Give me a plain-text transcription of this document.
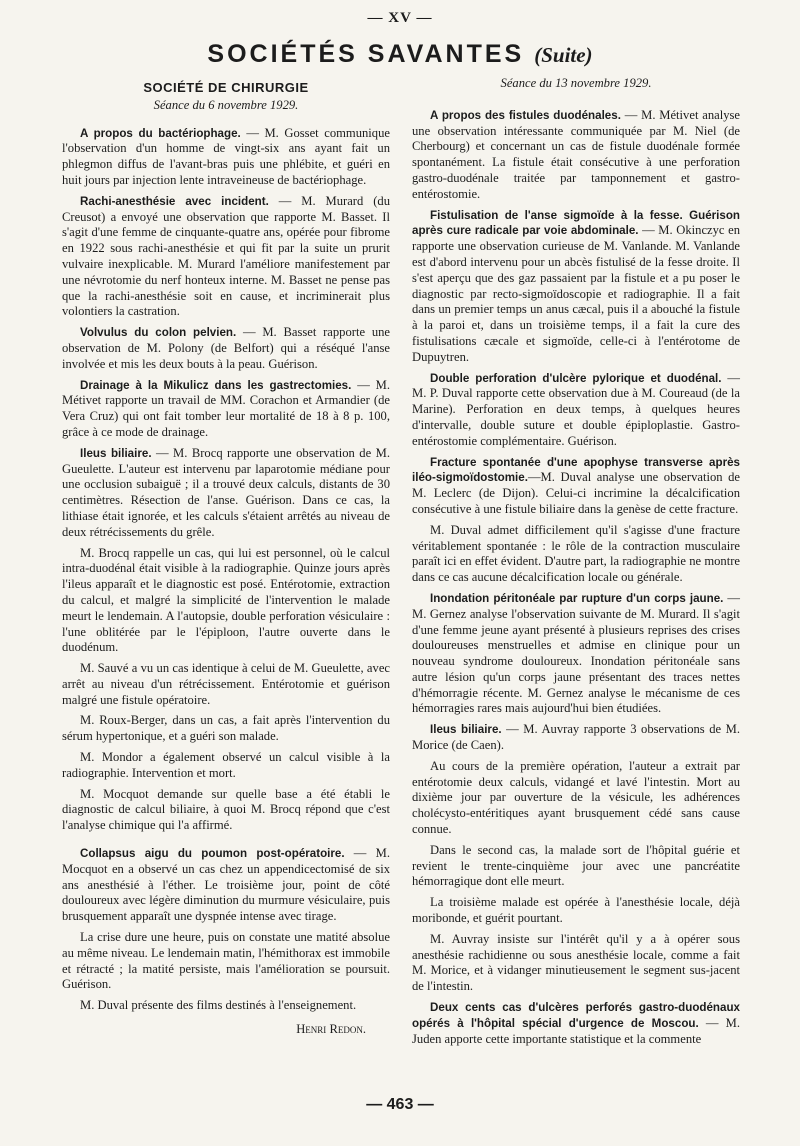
— XV —
SOCIÉTÉS SAVANTES (Suite)
SOCIÉTÉ DE CHIRURGIE
Séance du 6 novembre 1929.

A propos du bactériophage. — M. Gosset communique l'observation d'un homme de vingt-six ans ayant fait un phlegmon diffus de l'avant-bras puis une phlébite, et guéri en huit jours par injection lente intraveineuse de bactériophage.

Rachi-anesthésie avec incident. — M. Murard (du Creusot) a envoyé une observation que rapporte M. Basset. Il s'agit d'une femme de cinquante-quatre ans, opérée pour fibrome en 1922 sous rachi-anesthésie et qui fit par la suite un prurit vulvaire inexplicable. M. Murard l'améliore manifestement par une névrotomie du nerf honteux interne. M. Basset ne pense pas que la rachi-anesthésie soit en cause, et incriminerait plus volontiers la castration.

Volvulus du colon pelvien. — M. Basset rapporte une observation de M. Polony (de Belfort) qui a réséqué l'anse involvée et mis les deux bouts à la peau. Guérison.

Drainage à la Mikulicz dans les gastrectomies. — M. Métivet rapporte un travail de MM. Corachon et Armandier (de Vera Cruz) qui ont fait tomber leur mortalité de 18 à 8 p. 100, grâce à ce mode de drainage.

Ileus biliaire. — M. Brocq rapporte une observation de M. Gueulette. L'auteur est intervenu par laparotomie médiane pour une occlusion subaiguë ; il a trouvé deux calculs, distants de 30 centimètres. Résection de l'anse. Guérison. Dans ce cas, la lithiase était ignorée, et les calculs s'étaient arrêtés au niveau de deux rétrécissements du grêle.

M. Brocq rappelle un cas, qui lui est personnel, où le calcul intra-duodénal était visible à la radiographie. Quinze jours après l'ileus apparaît et le diagnostic est posé. Entérotomie, extraction du calcul, et malgré la simplicité de l'intervention le malade meurt le lendemain. A l'autopsie, double perforation vésiculaire : l'une oblitérée par le l'épiploon, l'autre ouverte dans le duodénum.

M. Sauvé a vu un cas identique à celui de M. Gueulette, avec arrêt au niveau d'un rétrécissement. Entérotomie et guérison malgré une fistule opératoire.

M. Roux-Berger, dans un cas, a fait après l'intervention du sérum hypertonique, et a guéri son malade.

M. Mondor a également observé un calcul visible à la radiographie. Intervention et mort.

M. Mocquot demande sur quelle base a été établi le diagnostic de calcul biliaire, à quoi M. Brocq répond que c'est l'analyse chimique qui l'a affirmé.

Collapsus aigu du poumon post-opératoire. — M. Mocquot en a observé un cas chez un appendicectomisé de six ans anesthésié à l'éther. Le troisième jour, point de côté douloureux avec légère diminution du murmure vésiculaire, puis brusquement apparaît une dyspnée intense avec tirage.

La crise dure une heure, puis on constate une matité absolue au même niveau. Le lendemain matin, l'hémithorax est immobile et rétracté ; la matité persiste, mais l'amélioration se poursuit. Guérison.

M. Duval présente des films destinés à l'enseignement.

Henri Redon.

Séance du 13 novembre 1929.

A propos des fistules duodénales. — M. Métivet analyse une observation intéressante communiquée par M. Niel (de Cherbourg) et concernant un cas de fistule duodénale formée spontanément. La fistule était consécutive à une perforation gastro-duodénale traitée par tamponnement et gastro-entérostomie.

Fistulisation de l'anse sigmoïde à la fesse. Guérison après cure radicale par voie abdominale. — M. Okinczyc en rapporte une observation curieuse de M. Vanlande. M. Vanlande est d'abord intervenu pour un abcès fistulisé de la fesse droite. Il s'est aperçu que des gaz passaient par la fistule et a pu poser le diagnostic par recto-sigmoïdoscopie et radiographie. Il a fait dans un premier temps un anus cæcal, puis il a abouché la fistule à la paroi et, dans un troisième temps, il a fait la cure des fistulisations cæcale et sigmoïde, celle-ci à l'entérotome de Dupuytren.

Double perforation d'ulcère pylorique et duodénal. — M. P. Duval rapporte cette observation due à M. Coureaud (de la Marine). Perforation en deux temps, à quelques heures d'intervalle, double suture et double épiploplastie. Gastro-entérostomie complémentaire. Guérison.

Fracture spontanée d'une apophyse transverse après iléo-sigmoïdostomie.—M. Duval analyse une observation de M. Leclerc (de Dijon). Celui-ci incrimine la décalcification consécutive à une fistule biliaire dans la genèse de cette fracture.

M. Duval admet difficilement qu'il s'agisse d'une fracture véritablement spontanée : le rôle de la contraction musculaire paraît ici en effet évident. D'autre part, la radiographie ne montre dans ce cas aucune décalcification locale ou générale.

Inondation péritonéale par rupture d'un corps jaune. — M. Gernez analyse l'observation suivante de M. Murard. Il s'agit d'une femme jeune ayant présenté à plusieurs reprises des crises douloureuses menstruelles et admise en clinique pour un nouveau syndrome douloureux. Inondation péritonéale sans autre lésion qu'un corps jaune présentant des traces nettes d'hémorragie récente. M. Gernez analyse le mécanisme de ces hémorragies rares mais aujourd'hui bien étudiées.

Ileus biliaire. — M. Auvray rapporte 3 observations de M. Morice (de Caen).

Au cours de la première opération, l'auteur a extrait par entérotomie deux calculs, vidangé et lavé l'intestin. Mort au dixième jour par ouverture de la vésicule, les adhérences cholécysto-entéritiques ayant brusquement cédé sans cause connue.

Dans le second cas, la malade sort de l'hôpital guérie et revient le trente-cinquième jour avec une pancréatite hémorragique dont elle meurt.

La troisième malade est opérée à l'anesthésie locale, déjà moribonde, et guérit pourtant.

M. Auvray insiste sur l'intérêt qu'il y a à opérer sous anesthésie rachidienne ou sous anesthésie locale, comme a fait M. Morice, et à vidanger minutieusement le segment sus-jacent de l'intestin.

Deux cents cas d'ulcères perforés gastro-duodénaux opérés à l'hôpital spécial d'urgence de Moscou. — M. Juden apporte cette importante statistique et la commente

— 463 —
